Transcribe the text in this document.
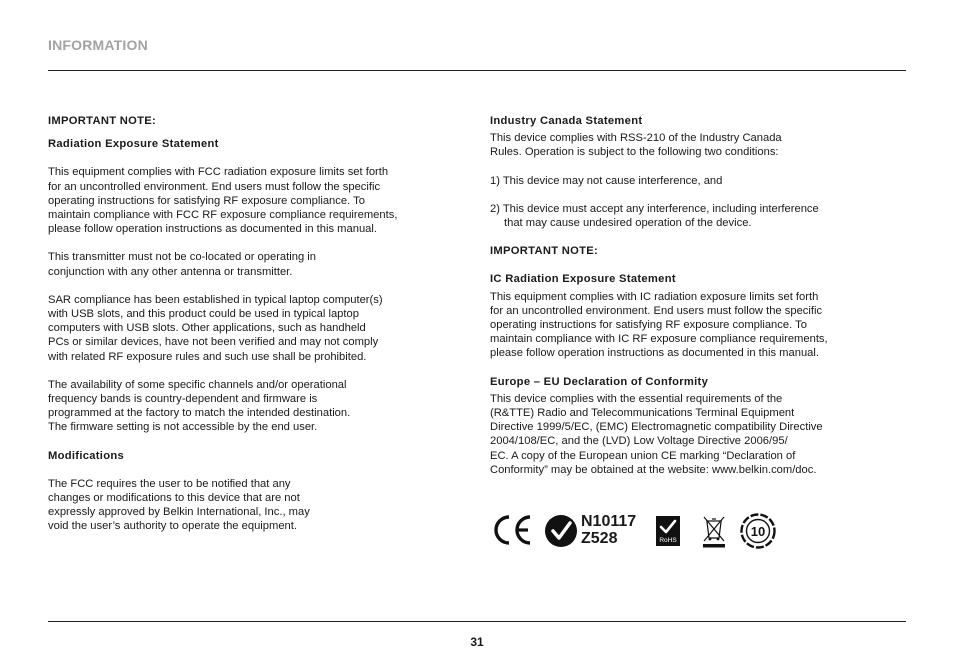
INFORMATION
IMPORTANT NOTE:
Radiation Exposure Statement
This equipment complies with FCC radiation exposure limits set forth
for an uncontrolled environment. End users must follow the specific
operating instructions for satisfying RF exposure compliance. To
maintain compliance with FCC RF exposure compliance requirements,
please follow operation instructions as documented in this manual.
This transmitter must not be co-located or operating in
conjunction with any other antenna or transmitter.
SAR compliance has been established in typical laptop computer(s)
with USB slots, and this product could be used in typical laptop
computers with USB slots. Other applications, such as handheld
PCs or similar devices, have not been verified and may not comply
with related RF exposure rules and such use shall be prohibited.
The availability of some specific channels and/or operational
frequency bands is country-dependent and firmware is
programmed at the factory to match the intended destination.
The firmware setting is not accessible by the end user.
Modifications
The FCC requires the user to be notified that any
changes or modifications to this device that are not
expressly approved by Belkin International, Inc., may
void the user’s authority to operate the equipment.
Industry Canada Statement
This device complies with RSS-210 of the Industry Canada
Rules. Operation is subject to the following two conditions:
1) This device may not cause interference, and
2) This device must accept any interference, including interference
that may cause undesired operation of the device.
IMPORTANT NOTE:
IC Radiation Exposure Statement
This equipment complies with IC radiation exposure limits set forth
for an uncontrolled environment. End users must follow the specific
operating instructions for satisfying RF exposure compliance. To
maintain compliance with IC RF exposure compliance requirements,
please follow operation instructions as documented in this manual.
Europe – EU Declaration of Conformity
This device complies with the essential requirements of the
(R&TTE) Radio and Telecommunications Terminal Equipment
Directive 1999/5/EC, (EMC) Electromagnetic compatibility Directive
2004/108/EC, and the (LVD) Low Voltage Directive 2006/95/
EC. A copy of the European union CE marking “Declaration of
Conformity” may be obtained at the website: www.belkin.com/doc.
N10117
Z528	RoHS
10
31
